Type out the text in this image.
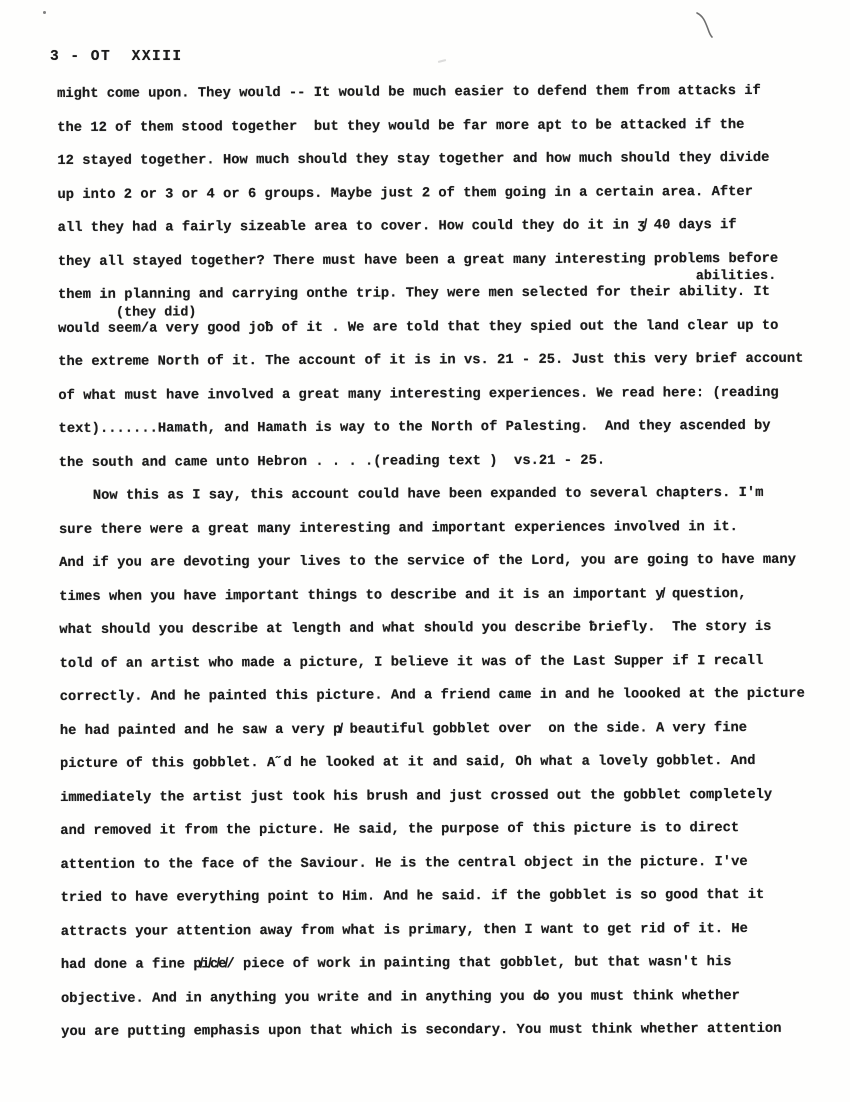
3 - OT  XXIII
might come upon. They would -- It would be much easier to defend them from attacks if
the 12 of them stood together  but they would be far more apt to be attacked if the
12 stayed together. How much should they stay together and how much should they divide
up into 2 or 3 or 4 or 6 groups. Maybe just 2 of them going in a certain area. After
all they had a fairly sizeable area to cover. How could they do it in ʒ̸ 40 days if
they all stayed together? There must have been a great many interesting problems before
abilities.
them in planning and carrying onthe trip. They were men selected for their ability. It
(they did)
would seem/a very good joƀ of it . We are told that they spied out the land clear up to
the extreme North of it. The account of it is in vs. 21 - 25. Just this very brief account
of what must have involved a great many interesting experiences. We read here: (reading
text).......Hamath, and Hamath is way to the North of Palesting.  And they ascended by
the south and came unto Hebron . . . .(reading text )  vs.21 - 25.
Now this as I say, this account could have been expanded to several chapters. I'm
sure there were a great many interesting and important experiences involved in it.
And if you are devoting your lives to the service of the Lord, you are going to have many
times when you have important things to describe and it is an important y̸ question,
what should you describe at length and what should you describe ƀriefly.  The story is
told of an artist who made a picture, I believe it was of the Last Supper if I recall
correctly. And he painted this picture. And a friend came in and he loooked at the picture
he had painted and he saw a very p̸ beautiful gobblet over  on the side. A very fine
picture of this gobblet. A˝d he looked at it and said, Oh what a lovely gobblet. And
immediately the artist just took his brush and just crossed out the gobblet completely
and removed it from the picture. He said, the purpose of this picture is to direct
attention to the face of the Saviour. He is the central object in the picture. I've
tried to have everything point to Him. And he said. if the gobblet is so good that it
attracts your attention away from what is primary, then I want to get rid of it. He
had done a fine p̸i̸c̸e̸/ piece of work in painting that gobblet, but that wasn't his
objective. And in anything you write and in anything you d̶o you must think whether
you are putting emphasis upon that which is secondary. You must think whether attention
